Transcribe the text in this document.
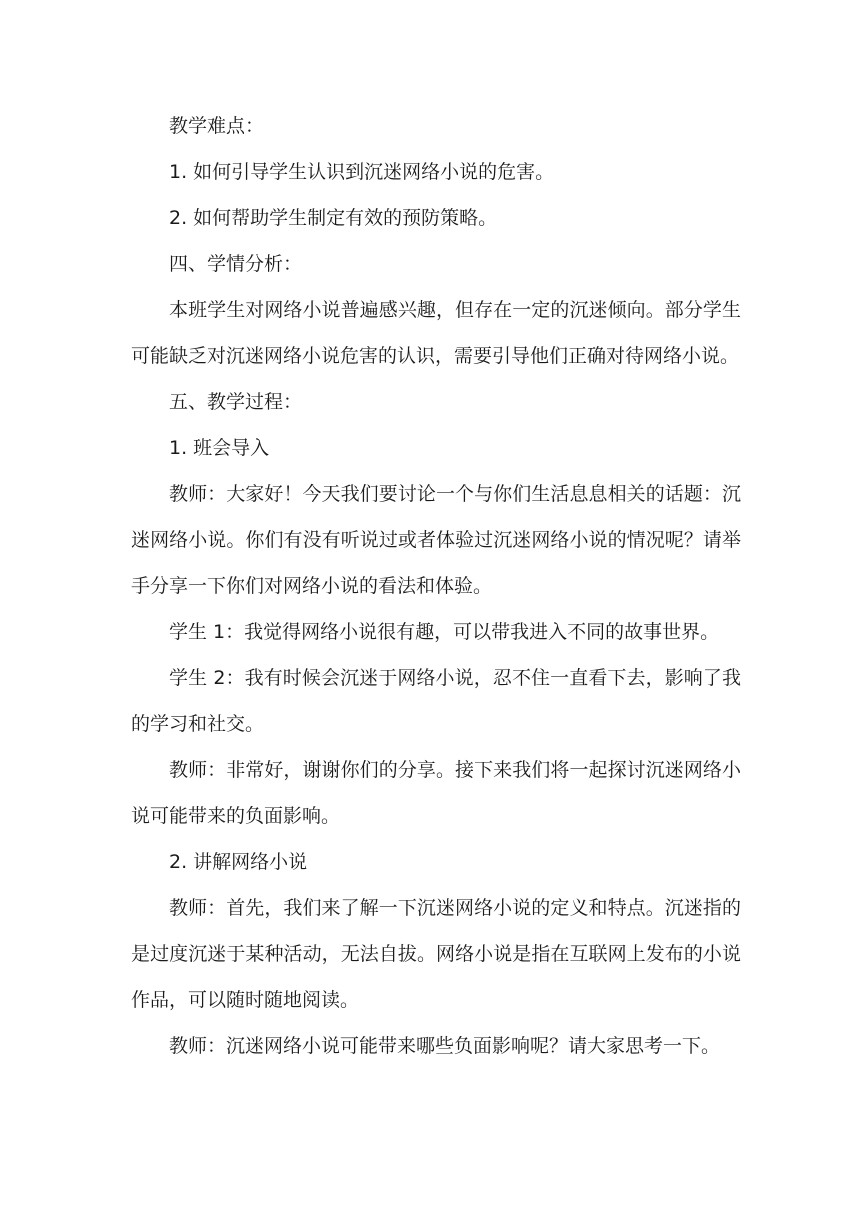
教学难点：

1. 如何引导学生认识到沉迷网络小说的危害。

2. 如何帮助学生制定有效的预防策略。

四、学情分析：

本班学生对网络小说普遍感兴趣，但存在一定的沉迷倾向。部分学生可能缺乏对沉迷网络小说危害的认识，需要引导他们正确对待网络小说。

五、教学过程：

1. 班会导入

教师：大家好！今天我们要讨论一个与你们生活息息相关的话题：沉迷网络小说。你们有没有听说过或者体验过沉迷网络小说的情况呢？请举手分享一下你们对网络小说的看法和体验。

学生 1：我觉得网络小说很有趣，可以带我进入不同的故事世界。

学生 2：我有时候会沉迷于网络小说，忍不住一直看下去，影响了我的学习和社交。

教师：非常好，谢谢你们的分享。接下来我们将一起探讨沉迷网络小说可能带来的负面影响。

2. 讲解网络小说

教师：首先，我们来了解一下沉迷网络小说的定义和特点。沉迷指的是过度沉迷于某种活动，无法自拔。网络小说是指在互联网上发布的小说作品，可以随时随地阅读。

教师：沉迷网络小说可能带来哪些负面影响呢？请大家思考一下。
